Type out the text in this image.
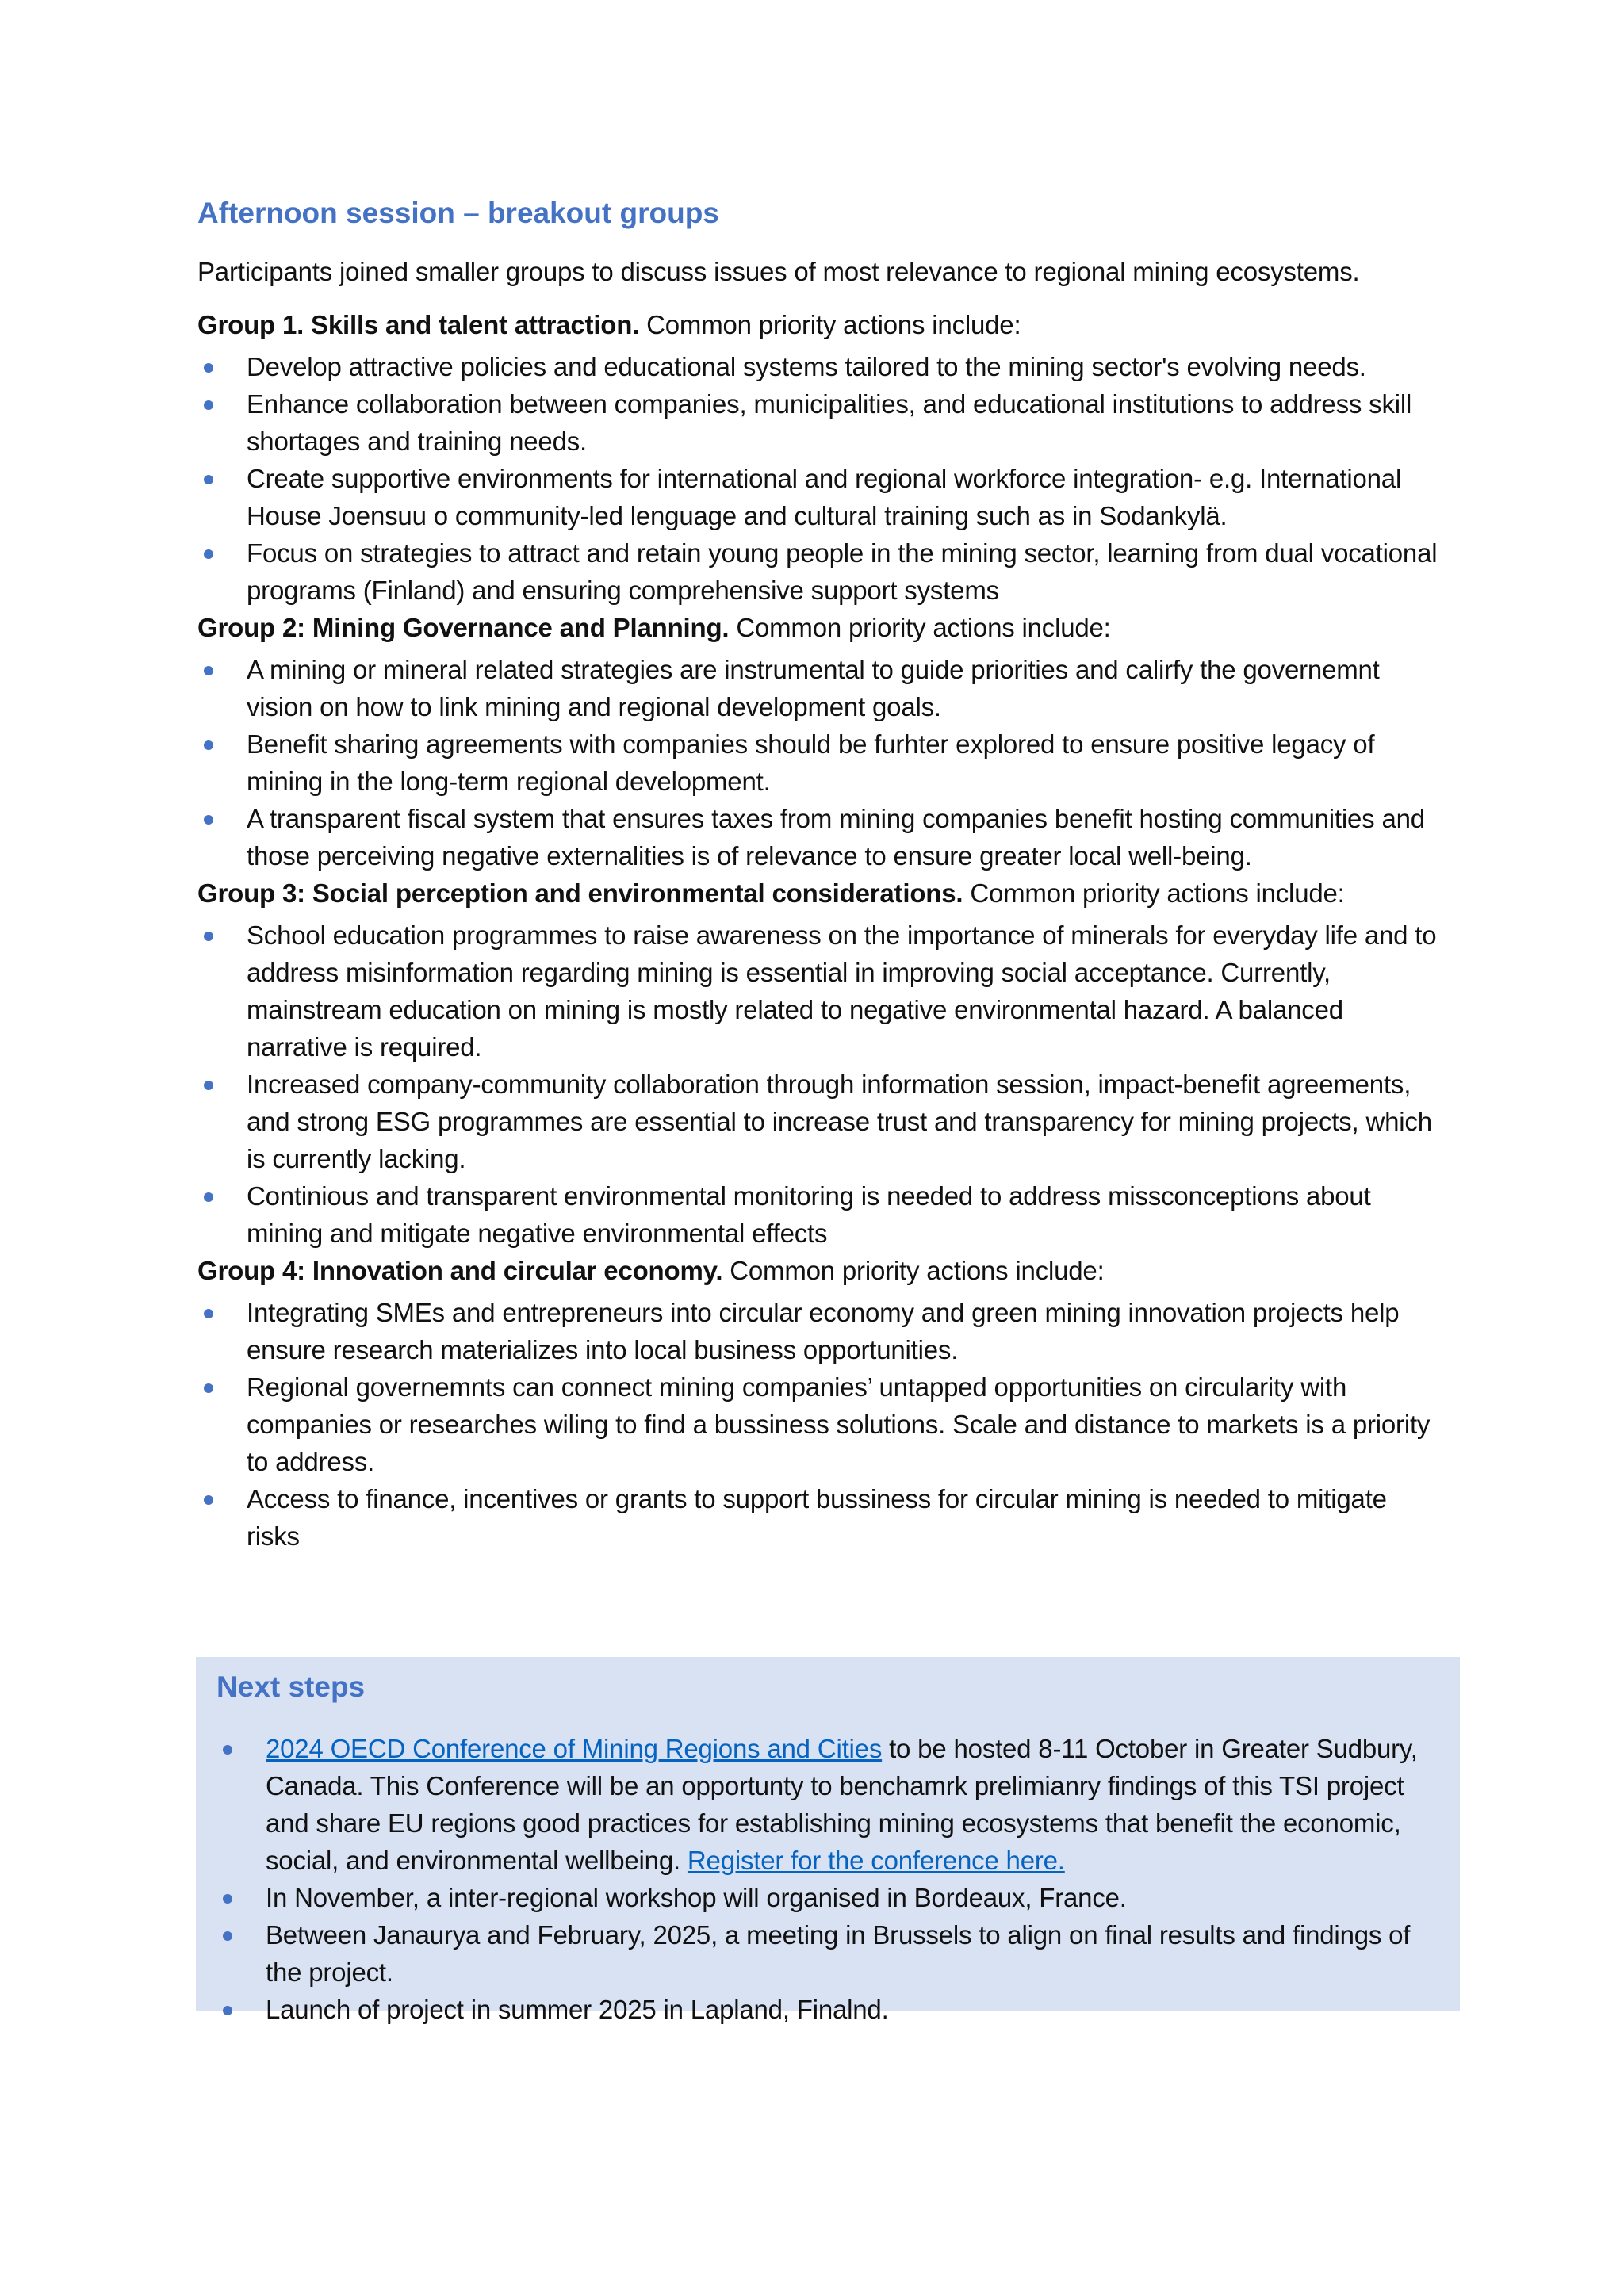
Afternoon session – breakout groups

Participants joined smaller groups to discuss issues of most relevance to regional mining ecosystems.

Group 1. Skills and talent attraction. Common priority actions include:

Develop attractive policies and educational systems tailored to the mining sector's evolving needs.
Enhance collaboration between companies, municipalities, and educational institutions to address skill shortages and training needs.
Create supportive environments for international and regional workforce integration- e.g. International House Joensuu o community-led lenguage and cultural training such as in Sodankylä.
Focus on strategies to attract and retain young people in the mining sector, learning from dual vocational programs (Finland) and ensuring comprehensive support systems

Group 2: Mining Governance and Planning. Common priority actions include:

A mining or mineral related strategies are instrumental to guide priorities and calirfy the governemnt vision on how to link mining and regional development goals.
Benefit sharing agreements with companies should be furhter explored to ensure positive legacy of mining in the long-term regional development.
A transparent fiscal system that ensures taxes from mining companies benefit hosting communities and those perceiving negative externalities is of relevance to ensure greater local well-being.

Group 3: Social perception and environmental considerations. Common priority actions include:

School education programmes to raise awareness on the importance of minerals for everyday life and to address misinformation regarding mining is essential in improving social acceptance. Currently, mainstream education on mining is mostly related to negative environmental hazard. A balanced narrative is required.
Increased company-community collaboration through information session, impact-benefit agreements, and strong ESG programmes are essential to increase trust and transparency for mining projects, which is currently lacking.
Continious and transparent environmental monitoring is needed to address missconceptions about mining and mitigate negative environmental effects

Group 4: Innovation and circular economy. Common priority actions include:

Integrating SMEs and entrepreneurs into circular economy and green mining innovation projects help ensure research materializes into local business opportunities.
Regional governemnts can connect mining companies’ untapped opportunities on circularity with companies or researches wiling to find a bussiness solutions. Scale and distance to markets is a priority to address.
Access to finance, incentives or grants to support bussiness for circular mining is needed to mitigate risks
Next steps
2024 OECD Conference of Mining Regions and Cities to be hosted 8-11 October in Greater Sudbury, Canada. This Conference will be an opportunty to benchamrk prelimianry findings of this TSI project and share EU regions good practices for establishing mining ecosystems that benefit the economic, social, and environmental wellbeing. Register for the conference here.
In November, a inter-regional workshop will organised in Bordeaux, France.
Between Janaurya and February, 2025, a meeting in Brussels to align on final results and findings of the project.
Launch of project in summer 2025 in Lapland, Finalnd.
